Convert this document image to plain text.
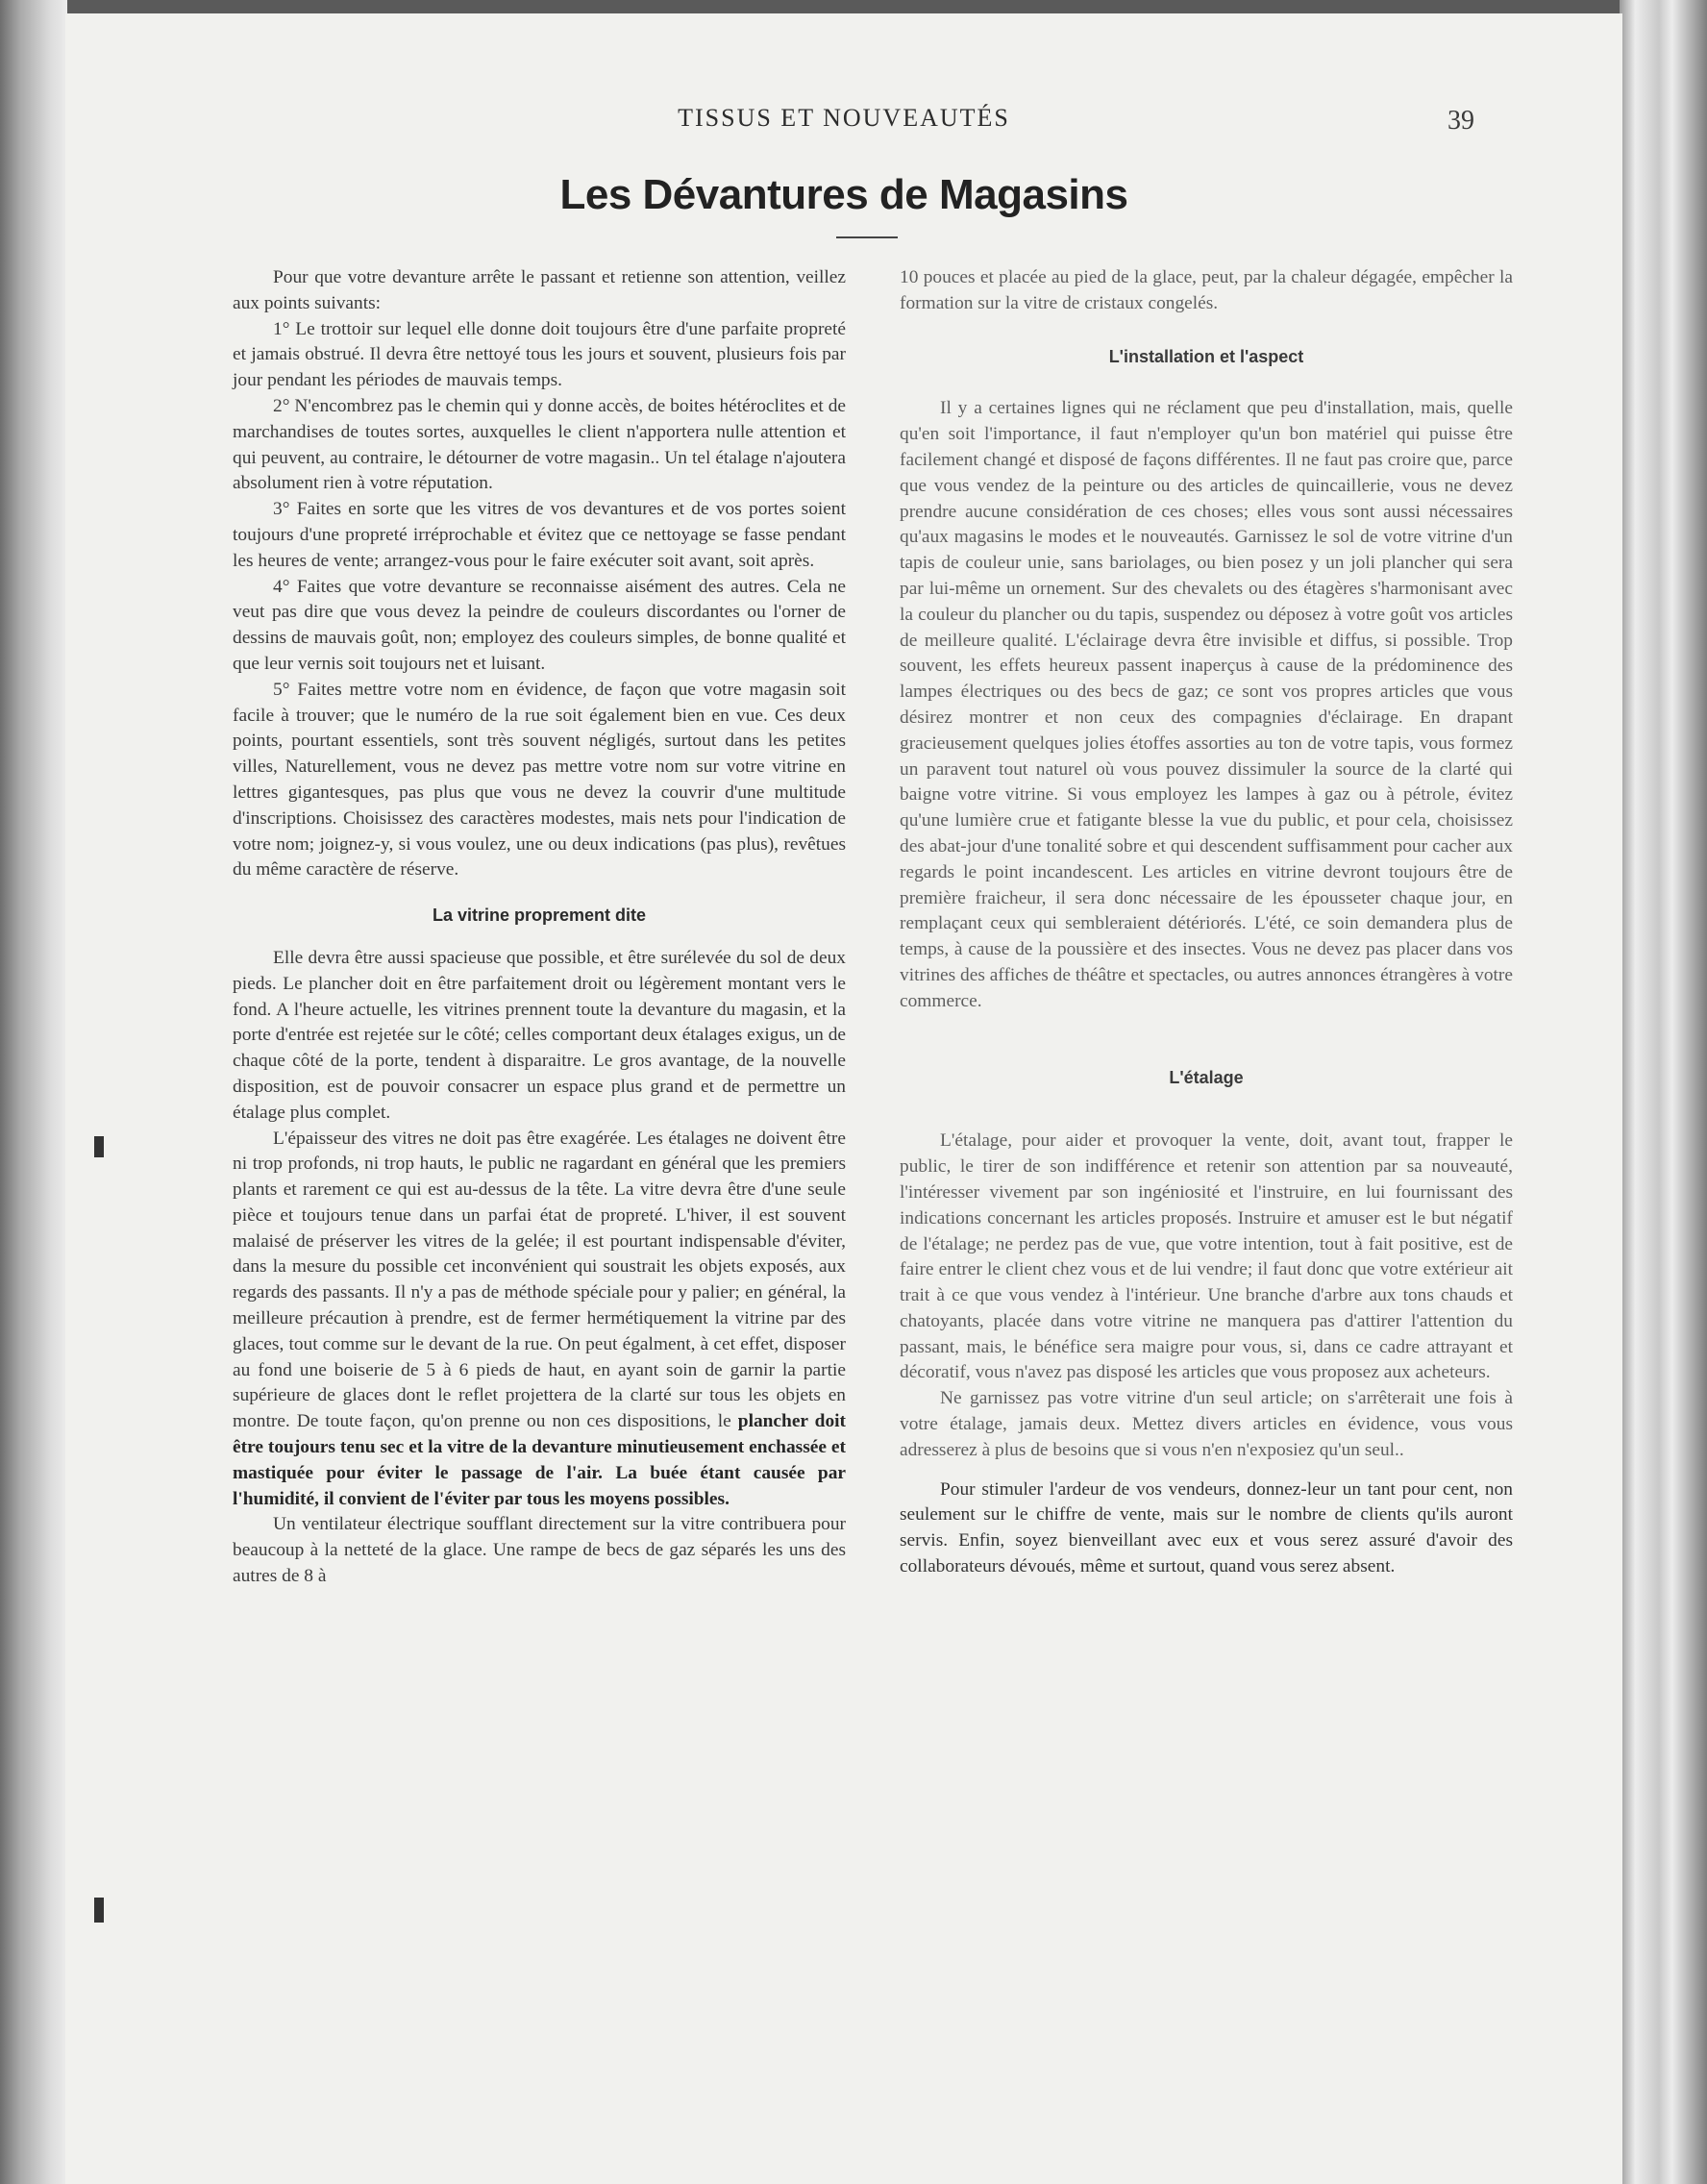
TISSUS ET NOUVEAUTÉS	39
Les Dévantures de Magasins

Pour que votre devanture arrête le passant et retienne son attention, veillez aux points suivants:

1° Le trottoir sur lequel elle donne doit toujours être d'une parfaite propreté et jamais obstrué. Il devra être nettoyé tous les jours et souvent, plusieurs fois par jour pendant les périodes de mauvais temps.

2° N'encombrez pas le chemin qui y donne accès, de boites hétéroclites et de marchandises de toutes sortes, auxquelles le client n'apportera nulle attention et qui peuvent, au contraire, le détourner de votre magasin.. Un tel étalage n'ajoutera absolument rien à votre réputation.

3° Faites en sorte que les vitres de vos devantures et de vos portes soient toujours d'une propreté irréprochable et évitez que ce nettoyage se fasse pendant les heures de vente; arrangez-vous pour le faire exécuter soit avant, soit après.

4° Faites que votre devanture se reconnaisse aisément des autres. Cela ne veut pas dire que vous devez la peindre de couleurs discordantes ou l'orner de dessins de mauvais goût, non; employez des couleurs simples, de bonne qualité et que leur vernis soit toujours net et luisant.

5° Faites mettre votre nom en évidence, de façon que votre magasin soit facile à trouver; que le numéro de la rue soit également bien en vue. Ces deux points, pourtant essentiels, sont très souvent négligés, surtout dans les petites villes, Naturellement, vous ne devez pas mettre votre nom sur votre vitrine en lettres gigantesques, pas plus que vous ne devez la couvrir d'une multitude d'inscriptions. Choisissez des caractères modestes, mais nets pour l'indication de votre nom; joignez-y, si vous voulez, une ou deux indications (pas plus), revêtues du même caractère de réserve.

La vitrine proprement dite

Elle devra être aussi spacieuse que possible, et être surélevée du sol de deux pieds. Le plancher doit en être parfaitement droit ou légèrement montant vers le fond. A l'heure actuelle, les vitrines prennent toute la devanture du magasin, et la porte d'entrée est rejetée sur le côté; celles comportant deux étalages exigus, un de chaque côté de la porte, tendent à disparaitre. Le gros avantage, de la nouvelle disposition, est de pouvoir consacrer un espace plus grand et de permettre un étalage plus complet.

L'épaisseur des vitres ne doit pas être exagérée. Les étalages ne doivent être ni trop profonds, ni trop hauts, le public ne ragardant en général que les premiers plants et rarement ce qui est au-dessus de la tête. La vitre devra être d'une seule pièce et toujours tenue dans un parfai état de propreté. L'hiver, il est souvent malaisé de préserver les vitres de la gelée; il est pourtant indispensable d'éviter, dans la mesure du possible cet inconvénient qui soustrait les objets exposés, aux regards des passants. Il n'y a pas de méthode spéciale pour y palier; en général, la meilleure précaution à prendre, est de fermer hermétiquement la vitrine par des glaces, tout comme sur le devant de la rue. On peut égalment, à cet effet, disposer au fond une boiserie de 5 à 6 pieds de haut, en ayant soin de garnir la partie supérieure de glaces dont le reflet projettera de la clarté sur tous les objets en montre. De toute façon, qu'on prenne ou non ces dispositions, le plancher doit être toujours tenu sec et la vitre de la devanture minutieusement enchassée et mastiquée pour éviter le passage de l'air. La buée étant causée par l'humidité, il convient de l'éviter par tous les moyens possibles.

Un ventilateur électrique soufflant directement sur la vitre contribuera pour beaucoup à la netteté de la glace. Une rampe de becs de gaz séparés les uns des autres de 8 à

10 pouces et placée au pied de la glace, peut, par la chaleur dégagée, empêcher la formation sur la vitre de cristaux congelés.

L'installation et l'aspect

Il y a certaines lignes qui ne réclament que peu d'installation, mais, quelle qu'en soit l'importance, il faut n'employer qu'un bon matériel qui puisse être facilement changé et disposé de façons différentes. Il ne faut pas croire que, parce que vous vendez de la peinture ou des articles de quincaillerie, vous ne devez prendre aucune considération de ces choses; elles vous sont aussi nécessaires qu'aux magasins le modes et le nouveautés. Garnissez le sol de votre vitrine d'un tapis de couleur unie, sans bariolages, ou bien posez y un joli plancher qui sera par lui-même un ornement. Sur des chevalets ou des étagères s'harmonisant avec la couleur du plancher ou du tapis, suspendez ou déposez à votre goût vos articles de meilleure qualité. L'éclairage devra être invisible et diffus, si possible. Trop souvent, les effets heureux passent inaperçus à cause de la prédominence des lampes électriques ou des becs de gaz; ce sont vos propres articles que vous désirez montrer et non ceux des compagnies d'éclairage. En drapant gracieusement quelques jolies étoffes assorties au ton de votre tapis, vous formez un paravent tout naturel où vous pouvez dissimuler la source de la clarté qui baigne votre vitrine. Si vous employez les lampes à gaz ou à pétrole, évitez qu'une lumière crue et fatigante blesse la vue du public, et pour cela, choisissez des abat-jour d'une tonalité sobre et qui descendent suffisamment pour cacher aux regards le point incandescent. Les articles en vitrine devront toujours être de première fraicheur, il sera donc nécessaire de les épousseter chaque jour, en remplaçant ceux qui sembleraient détériorés. L'été, ce soin demandera plus de temps, à cause de la poussière et des insectes. Vous ne devez pas placer dans vos vitrines des affiches de théâtre et spectacles, ou autres annonces étrangères à votre commerce.

L'étalage

L'étalage, pour aider et provoquer la vente, doit, avant tout, frapper le public, le tirer de son indifférence et retenir son attention par sa nouveauté, l'intéresser vivement par son ingéniosité et l'instruire, en lui fournissant des indications concernant les articles proposés. Instruire et amuser est le but négatif de l'étalage; ne perdez pas de vue, que votre intention, tout à fait positive, est de faire entrer le client chez vous et de lui vendre; il faut donc que votre extérieur ait trait à ce que vous vendez à l'intérieur. Une branche d'arbre aux tons chauds et chatoyants, placée dans votre vitrine ne manquera pas d'attirer l'attention du passant, mais, le bénéfice sera maigre pour vous, si, dans ce cadre attrayant et décoratif, vous n'avez pas disposé les articles que vous proposez aux acheteurs.

Ne garnissez pas votre vitrine d'un seul article; on s'arrêterait une fois à votre étalage, jamais deux. Mettez divers articles en évidence, vous vous adresserez à plus de besoins que si vous n'en n'exposiez qu'un seul..

Pour stimuler l'ardeur de vos vendeurs, donnez-leur un tant pour cent, non seulement sur le chiffre de vente, mais sur le nombre de clients qu'ils auront servis. Enfin, soyez bienveillant avec eux et vous serez assuré d'avoir des collaborateurs dévoués, même et surtout, quand vous serez absent.
